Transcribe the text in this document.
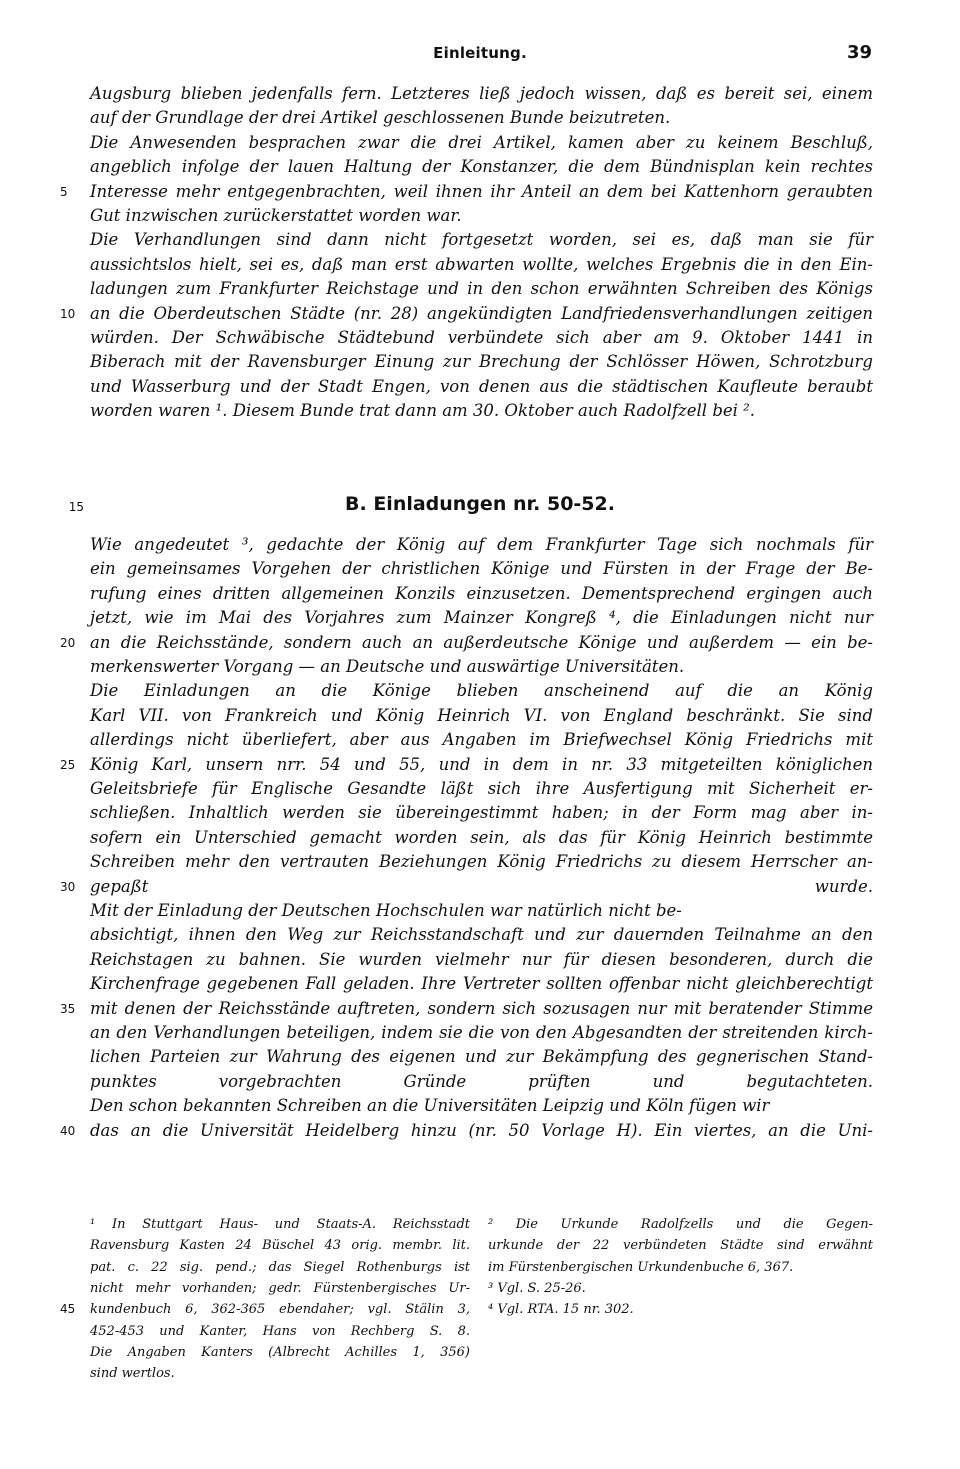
Einleitung.	39
Augsburg blieben jedenfalls fern. Letzteres ließ jedoch wissen, daß es bereit sei, einem
auf der Grundlage der drei Artikel geschlossenen Bunde beizutreten.
Die Anwesenden besprachen zwar die drei Artikel, kamen aber zu keinem Beschluß,
angeblich infolge der lauen Haltung der Konstanzer, die dem Bündnisplan kein rechtes
5	Interesse mehr entgegenbrachten, weil ihnen ihr Anteil an dem bei Kattenhorn geraubten
Gut inzwischen zurückerstattet worden war.
Die Verhandlungen sind dann nicht fortgesetzt worden, sei es, daß man sie für
aussichtslos hielt, sei es, daß man erst abwarten wollte, welches Ergebnis die in den Ein-
ladungen zum Frankfurter Reichstage und in den schon erwähnten Schreiben des Königs
10 an die Oberdeutschen Städte (nr. 28) angekündigten Landfriedensverhandlungen zeitigen
würden. Der Schwäbische Städtebund verbündete sich aber am 9. Oktober 1441 in
Biberach mit der Ravensburger Einung zur Brechung der Schlösser Höwen, Schrotzburg
und Wasserburg und der Stadt Engen, von denen aus die städtischen Kaufleute beraubt
worden waren ¹. Diesem Bunde trat dann am 30. Oktober auch Radolfzell bei ².
15	B. Einladungen nr. 50-52.
Wie angedeutet ³, gedachte der König auf dem Frankfurter Tage sich nochmals für
ein gemeinsames Vorgehen der christlichen Könige und Fürsten in der Frage der Be-
rufung eines dritten allgemeinen Konzils einzusetzen. Dementsprechend ergingen auch
jetzt, wie im Mai des Vorjahres zum Mainzer Kongreß ⁴, die Einladungen nicht nur
20 an die Reichsstände, sondern auch an außerdeutsche Könige und außerdem — ein be-
merkenswerter Vorgang — an Deutsche und auswärtige Universitäten.
Die Einladungen an die Könige blieben anscheinend auf die an König
Karl VII. von Frankreich und König Heinrich VI. von England beschränkt. Sie sind
allerdings nicht überliefert, aber aus Angaben im Briefwechsel König Friedrichs mit
25 König Karl, unsern nrr. 54 und 55, und in dem in nr. 33 mitgeteilten königlichen
Geleitsbriefe für Englische Gesandte läßt sich ihre Ausfertigung mit Sicherheit er-
schließen. Inhaltlich werden sie übereingestimmt haben; in der Form mag aber in-
sofern ein Unterschied gemacht worden sein, als das für König Heinrich bestimmte
Schreiben mehr den vertrauten Beziehungen König Friedrichs zu diesem Herrscher an-
30 gepaßt wurde.
Mit der Einladung der Deutschen Hochschulen war natürlich nicht be-
absichtigt, ihnen den Weg zur Reichsstandschaft und zur dauernden Teilnahme an den
Reichstagen zu bahnen. Sie wurden vielmehr nur für diesen besonderen, durch die
Kirchenfrage gegebenen Fall geladen. Ihre Vertreter sollten offenbar nicht gleichberechtigt
35 mit denen der Reichsstände auftreten, sondern sich sozusagen nur mit beratender Stimme
an den Verhandlungen beteiligen, indem sie die von den Abgesandten der streitenden kirch-
lichen Parteien zur Wahrung des eigenen und zur Bekämpfung des gegnerischen Stand-
punktes vorgebrachten Gründe prüften und begutachteten.
Den schon bekannten Schreiben an die Universitäten Leipzig und Köln fügen wir
40 das an die Universität Heidelberg hinzu (nr. 50 Vorlage H). Ein viertes, an die Uni-
¹ In Stuttgart Haus- und Staats-A. Reichsstadt
Ravensburg Kasten 24 Büschel 43 orig. membr. lit.
pat. c. 22 sig. pend.; das Siegel Rothenburgs ist
nicht mehr vorhanden; gedr. Fürstenbergisches Ur-
45	kundenbuch 6, 362-365 ebendaher; vgl. Stälin 3,
452-453 und Kanter, Hans von Rechberg S. 8.
Die Angaben Kanters (Albrecht Achilles 1, 356)
sind wertlos.
² Die Urkunde Radolfzells und die Gegen-
urkunde der 22 verbündeten Städte sind erwähnt
im Fürstenbergischen Urkundenbuche 6, 367.
³ Vgl. S. 25-26.
⁴ Vgl. RTA. 15 nr. 302.
